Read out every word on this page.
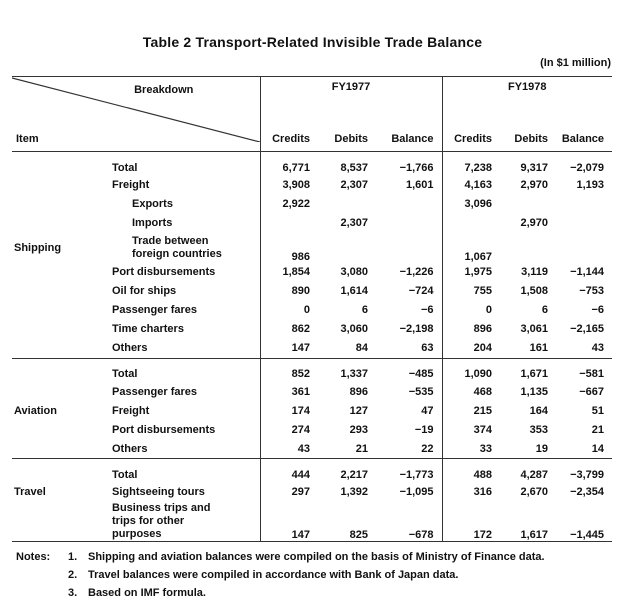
Table 2 Transport-Related Invisible Trade Balance
(In $1 million)
Breakdown		FY1977			FY1978		
Item		Credits	Debits	Balance	Credits	Debits	Balance
	Total	6,771	8,537	−1,766	7,238	9,317	−2,079
	Freight	3,908	2,307	1,601	4,163	2,970	1,193
	Exports	2,922			3,096		
	Imports		2,307			2,970	
Shipping	Trade between foreign countries	986			1,067		
	Port disbursements	1,854	3,080	−1,226	1,975	3,119	−1,144
	Oil for ships	890	1,614	−724	755	1,508	−753
	Passenger fares	0	6	−6	0	6	−6
	Time charters	862	3,060	−2,198	896	3,061	−2,165
	Others	147	84	63	204	161	43
	Total	852	1,337	−485	1,090	1,671	−581
	Passenger fares	361	896	−535	468	1,135	−667
Aviation	Freight	174	127	47	215	164	51
	Port disbursements	274	293	−19	374	353	21
	Others	43	21	22	33	19	14
	Total	444	2,217	−1,773	488	4,287	−3,799
Travel	Sightseeing tours	297	1,392	−1,095	316	2,670	−2,354
	Business trips and trips for other purposes	147	825	−678	172	1,617	−1,445

Notes:	1. Shipping and aviation balances were compiled on the basis of Ministry of Finance data.
2. Travel balances were compiled in accordance with Bank of Japan data.
3. Based on IMF formula.
